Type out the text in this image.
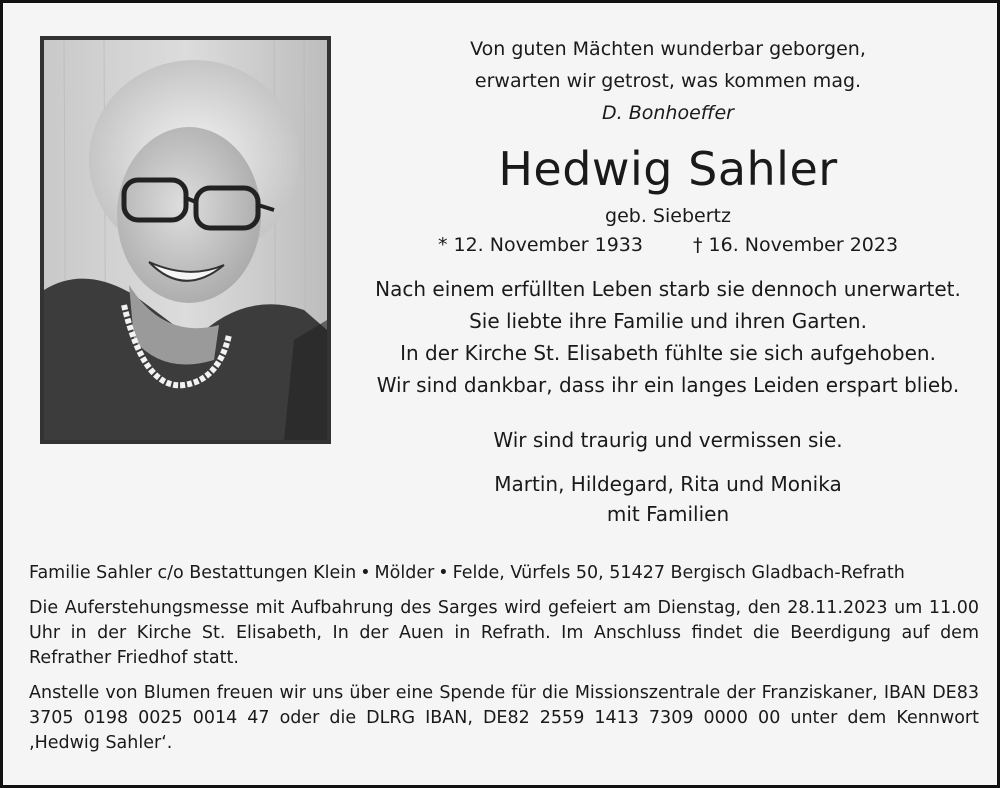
Von guten Mächten wunderbar geborgen,
erwarten wir getrost, was kommen mag.
D. Bonhoeffer
Hedwig Sahler
geb. Siebertz
* 12. November 1933	† 16. November 2023
Nach einem erfüllten Leben starb sie dennoch unerwartet.
Sie liebte ihre Familie und ihren Garten.
In der Kirche St. Elisabeth fühlte sie sich aufgehoben.
Wir sind dankbar, dass ihr ein langes Leiden erspart blieb.
Wir sind traurig und vermissen sie.
Martin, Hildegard, Rita und Monika
mit Familien
Familie Sahler c/o Bestattungen Klein • Mölder • Felde, Vürfels 50, 51427 Bergisch Gladbach-Refrath
Die Auferstehungsmesse mit Aufbahrung des Sarges wird gefeiert am Dienstag, den 28.11.2023 um 11.00 Uhr in der Kirche St. Elisabeth, In der Auen in Refrath. Im Anschluss findet die Beerdigung auf dem Refrather Friedhof statt.
Anstelle von Blumen freuen wir uns über eine Spende für die Missionszentrale der Franziskaner, IBAN DE83 3705 0198 0025 0014 47 oder die DLRG IBAN, DE82 2559 1413 7309 0000 00 unter dem Kennwort ‚Hedwig Sahler‘.
